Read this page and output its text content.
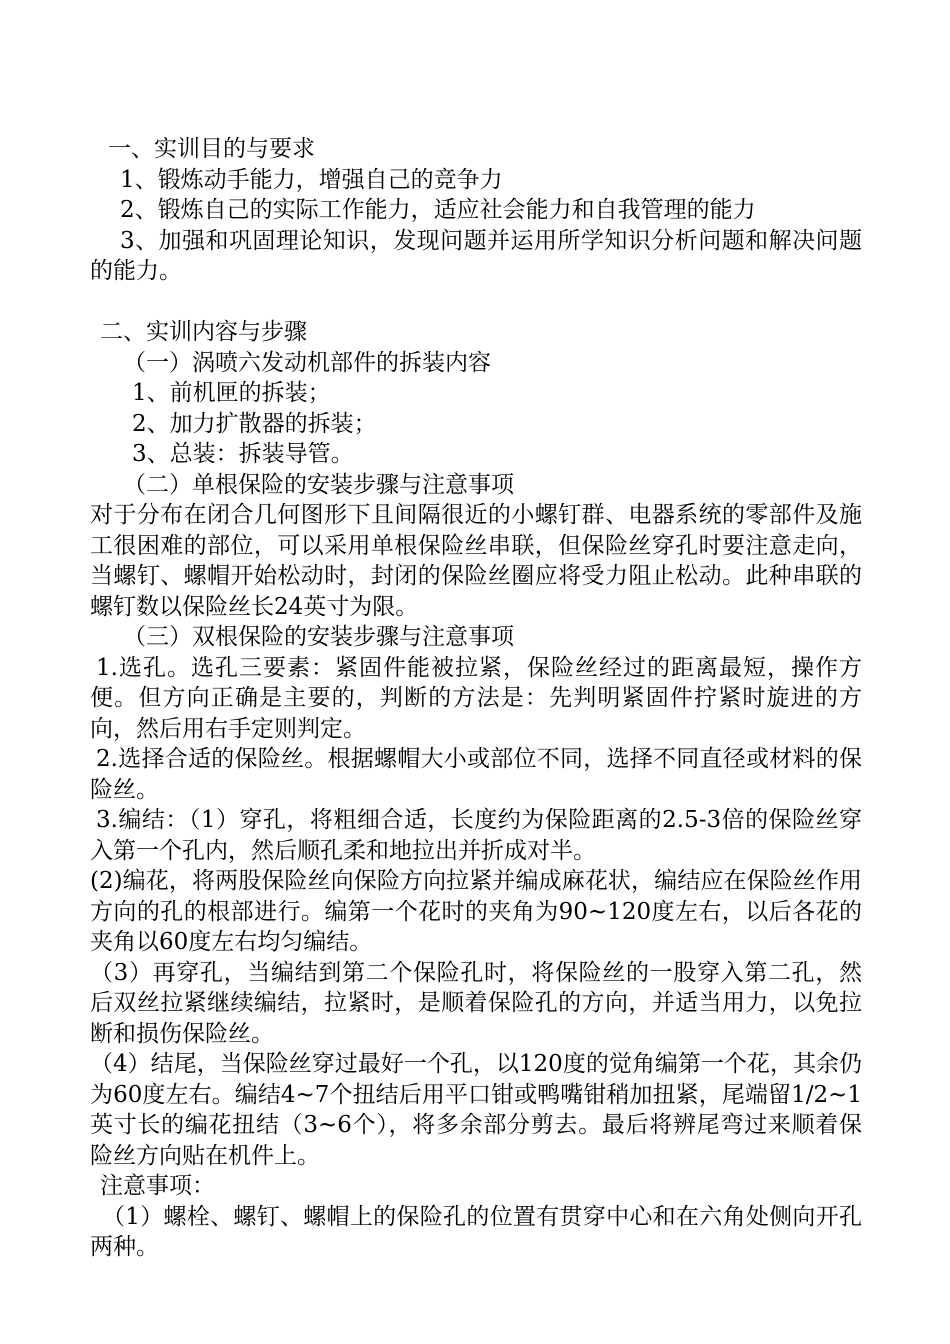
一、实训目的与要求
1、锻炼动手能力，增强自己的竞争力
2、锻炼自己的实际工作能力，适应社会能力和自我管理的能力
3、加强和巩固理论知识，发现问题并运用所学知识分析问题和解决问题的能力。
二、实训内容与步骤
（一）涡喷六发动机部件的拆装内容
1、前机匣的拆装；
2、加力扩散器的拆装；
3、总装：拆装导管。
（二）单根保险的安装步骤与注意事项
对于分布在闭合几何图形下且间隔很近的小螺钉群、电器系统的零部件及施工很困难的部位，可以采用单根保险丝串联，但保险丝穿孔时要注意走向，当螺钉、螺帽开始松动时，封闭的保险丝圈应将受力阻止松动。此种串联的螺钉数以保险丝长24英寸为限。
（三）双根保险的安装步骤与注意事项
1.选孔。选孔三要素：紧固件能被拉紧，保险丝经过的距离最短，操作方便。但方向正确是主要的，判断的方法是：先判明紧固件拧紧时旋进的方向，然后用右手定则判定。
2.选择合适的保险丝。根据螺帽大小或部位不同，选择不同直径或材料的保险丝。
3.编结：（1）穿孔，将粗细合适，长度约为保险距离的2.5-3倍的保险丝穿入第一个孔内，然后顺孔柔和地拉出并折成对半。
(2)编花，将两股保险丝向保险方向拉紧并编成麻花状，编结应在保险丝作用方向的孔的根部进行。编第一个花时的夹角为90~120度左右，以后各花的夹角以60度左右均匀编结。
（3）再穿孔，当编结到第二个保险孔时，将保险丝的一股穿入第二孔，然后双丝拉紧继续编结，拉紧时，是顺着保险孔的方向，并适当用力，以免拉断和损伤保险丝。
（4）结尾，当保险丝穿过最好一个孔，以120度的觉角编第一个花，其余仍为60度左右。编结4~7个扭结后用平口钳或鸭嘴钳稍加扭紧，尾端留1/2~1英寸长的编花扭结（3~6个），将多余部分剪去。最后将辨尾弯过来顺着保险丝方向贴在机件上。
注意事项：
（1）螺栓、螺钉、螺帽上的保险孔的位置有贯穿中心和在六角处侧向开孔两种。
